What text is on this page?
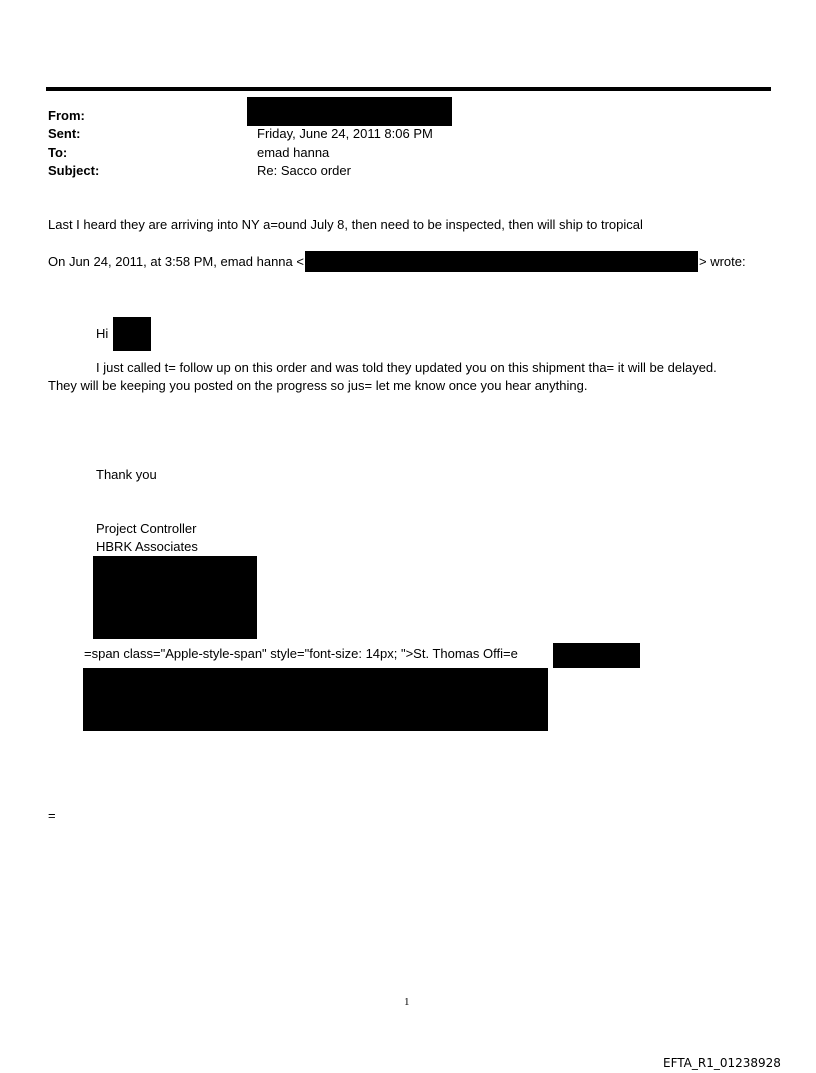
From:
Sent:	Friday, June 24, 2011 8:06 PM
To:	emad hanna
Subject:	Re: Sacco order
Last I heard they are arriving into NY a=ound July 8, then need to be inspected, then will ship to tropical
On Jun 24, 2011, at 3:58 PM, emad hanna <	> wrote:
Hi
I just called t= follow up on this order and was told they updated you on this shipment tha= it will be delayed.
They will be keeping you posted on the progress so jus= let me know once you hear anything.
Thank you
Project Controller
HBRK Associates
Ls. Office (340) 775-0227
=span class="Apple-style-span" style="font-size: 14px; ">St. Thomas Offi=e
=
1
EFTA_R1_01238928
